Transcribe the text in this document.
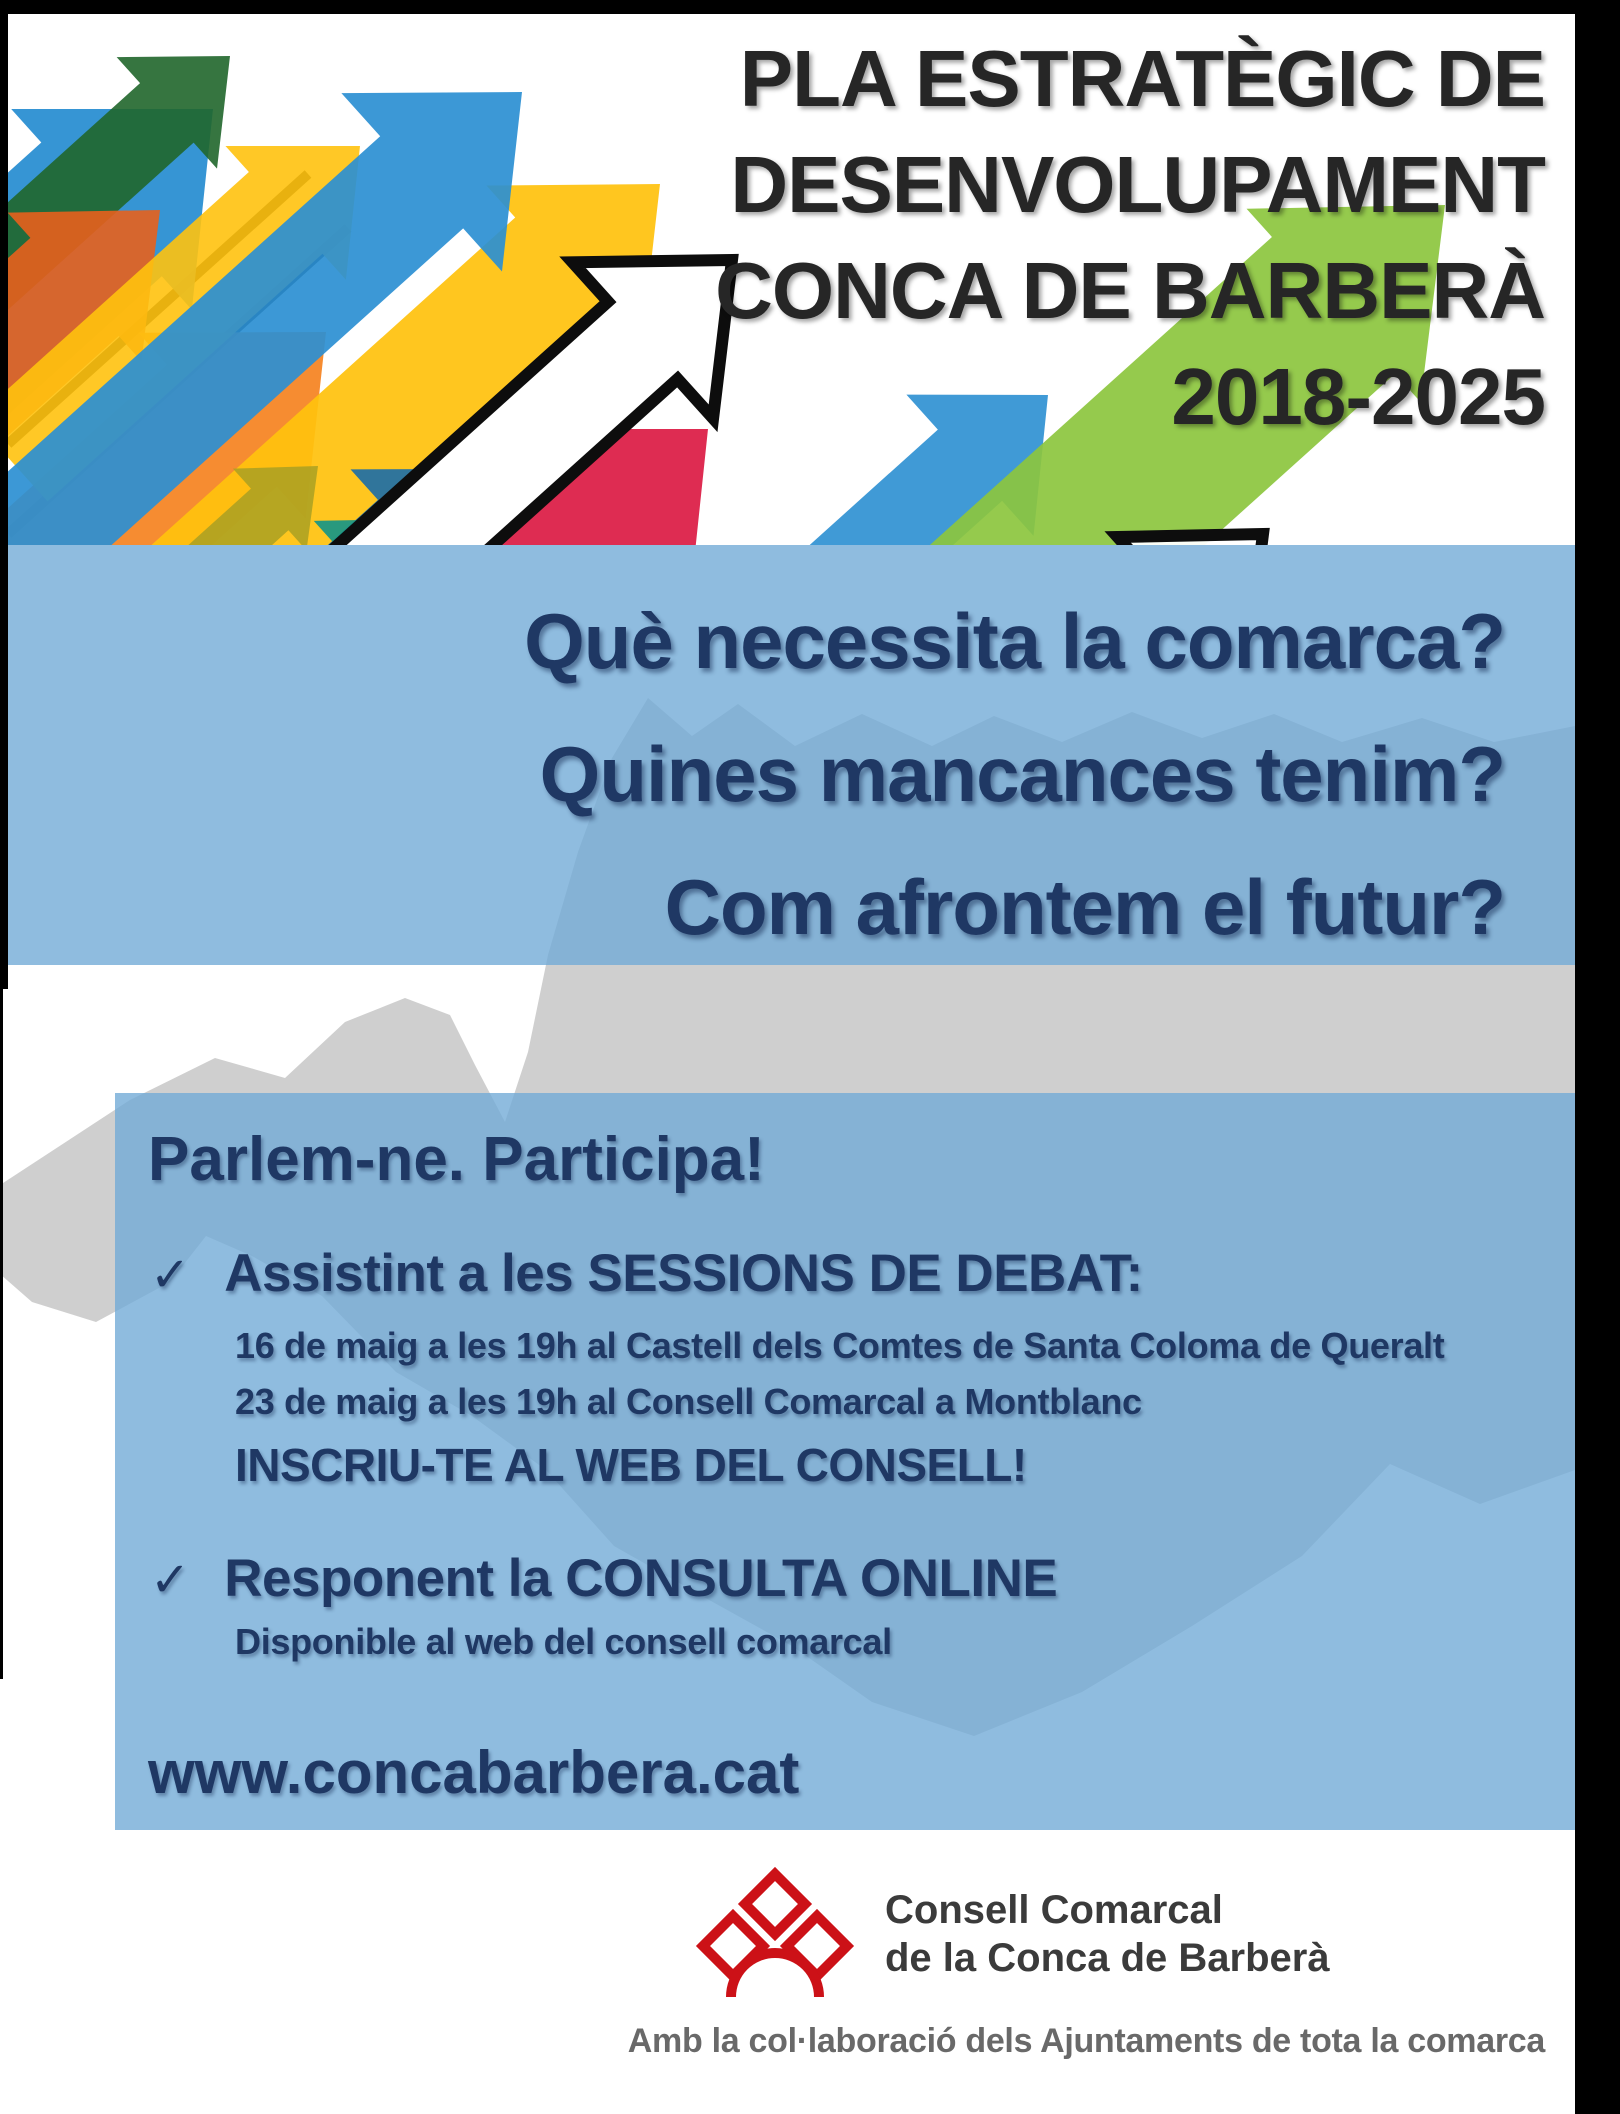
PLA ESTRATÈGIC DE
DESENVOLUPAMENT
CONCA DE BARBERÀ
2018-2025
Què necessita la comarca?
Quines mancances tenim?
Com afrontem el futur?
Parlem-ne. Participa!
✓ Assistint a les SESSIONS DE DEBAT:
16 de maig a les 19h al Castell dels Comtes de Santa Coloma de Queralt
23 de maig a les 19h al Consell Comarcal a Montblanc
INSCRIU-TE AL WEB DEL CONSELL!
✓ Responent la CONSULTA ONLINE
Disponible al web del consell comarcal
www.concabarbera.cat
Consell Comarcal
de la Conca de Barberà
Amb la col·laboració dels Ajuntaments de tota la comarca
